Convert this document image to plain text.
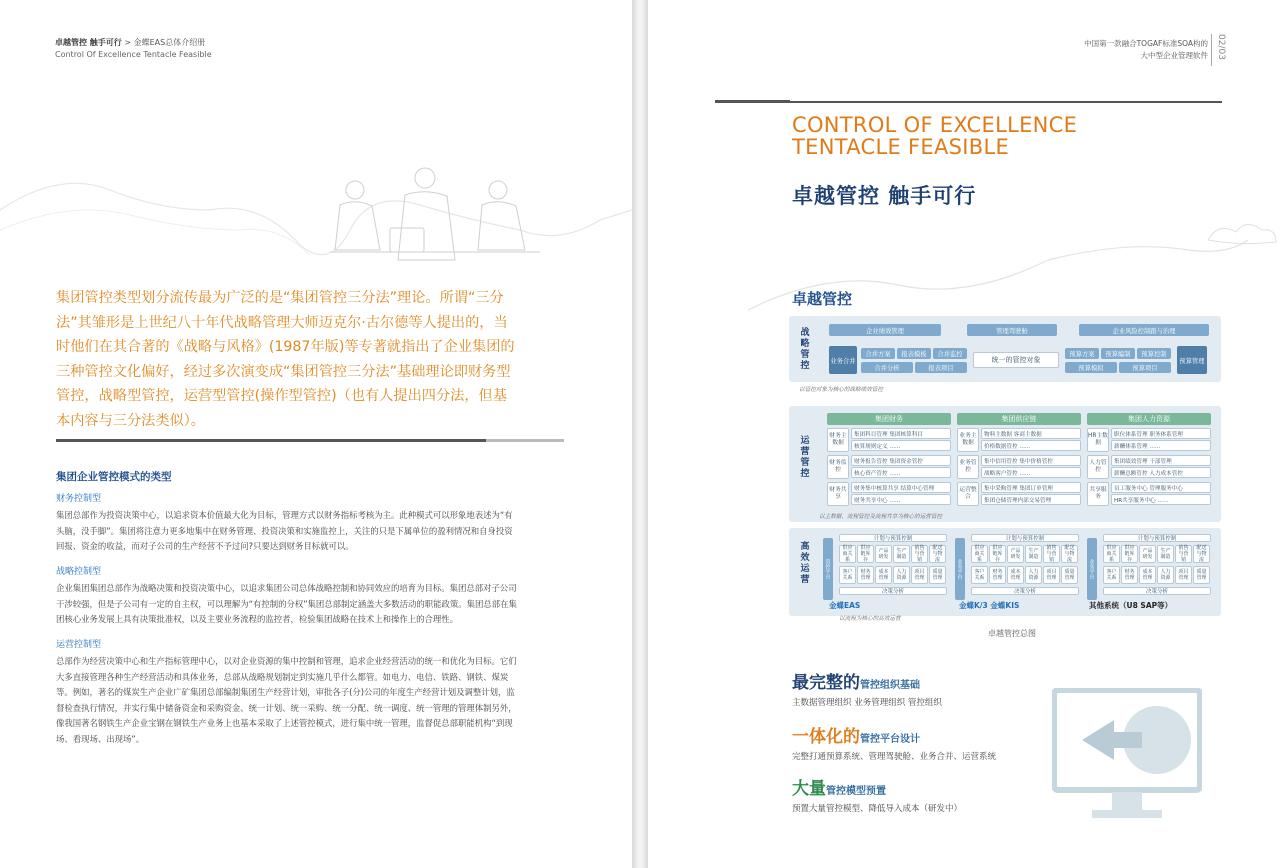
卓越管控 触手可行 > 金蝶EAS总体介绍册
Control Of Excellence Tentacle Feasible
集团管控类型划分流传最为广泛的是“集团管控三分法”理论。所谓“三分法”其雏形是上世纪八十年代战略管理大师迈克尔·古尔德等人提出的，当时他们在其合著的《战略与风格》(1987年版)等专著就指出了企业集团的三种管控文化偏好，经过多次演变成“集团管控三分法”基础理论即财务型管控，战略型管控，运营型管控(操作型管控)（也有人提出四分法，但基本内容与三分法类似）。
集团企业管控模式的类型
财务控制型

集团总部作为投资决策中心，以追求资本价值最大化为目标，管理方式以财务指标考核为主。此种模式可以形象地表述为“有头脑，没手脚”。集团将注意力更多地集中在财务管理、投资决策和实施监控上，关注的只是下属单位的盈利情况和自身投资回报、资金的收益，而对子公司的生产经营不予过问?只要达到财务目标就可以。

战略控制型

企业集团集团总部作为战略决策和投资决策中心，以追求集团公司总体战略控制和协同效应的培育为目标。集团总部对子公司干涉较强，但是子公司有一定的自主权，可以理解为“有控制的分权”集团总部制定涵盖大多数活动的职能政策。集团总部在集团核心业务发展上具有决策批准权，以及主要业务流程的监控者，检验集团战略在技术上和操作上的合理性。

运营控制型

总部作为经营决策中心和生产指标管理中心，以对企业资源的集中控制和管理，追求企业经营活动的统一和优化为目标。它们大多直接管理各种生产经营活动和具体业务，总部从战略规划制定到实施几乎什么都管。如电力、电信、铁路、钢铁、煤炭等。例如，著名的煤炭生产企业广矿集团总部编制集团生产经营计划，审批各子(分)公司的年度生产经营计划及调整计划，监督检查执行情况，并实行集中储备资金和采购资金、统一计划、统一采购、统一分配、统一调度、统一管理的管理体制另外，像我国著名钢铁生产企业宝钢在钢铁生产业务上也基本采取了上述管控模式，进行集中统一管理，监督促总部职能机构“到现场、看现场、出现场”。

中国第一款融合TOGAF标准SOA构的
大中型企业管理软件 02/03
CONTROL OF EXCELLENCE
TENTACLE FEASIBLE
卓越管控 触手可行
卓越管控
战略管控
企业绩效管理	管理驾驶舱	企业风险控制跟与治理
业务合并
合并方案	报表模板	合并监控
合并分析	报表项目
统一的管控对象
预算方案	预算编制	预算控制
预算模拟	预算项目
预算管理
以管控对象为核心的战略绩效管控
运营管控
以主数据、流程管控及流程共享为核心的运营管控
高效运营
以流程为核心的高效运营
集团财务
财务主数据
集团科目管理 集团核算科目
核算规则定义 ……
财务监控
财务报告管控 集团资金管控
核心资产管控 ……
财务共享
财务集中核算共享 结算中心管理
财务共享中心 ……
集团供应链
业务主数据
物料主数据 客商主数据
价格数据管控 ……
业务管控
集中信用管控 集中价格管控
战略客户管控 ……
运营整合
集中采购管理 集团订单管理
集团仓储管理内部交易管理
集团人力资源
HR主数据
职位体系管理 职务体系管理
薪酬体系管理 ……
人力管控
集团绩效管理 干部管理
薪酬总额管控 人力成本管控
共享服务
员工服务中心 管理服务中心
HR共享服务中心 ……
管控平台
计划与预算控制
供应商关系
供应链库存
产品研发
生产制造
销售与营销
配送与物流
客户关系
财务管理
成本管理
人力资源
项目管理
质量管理
决策分析
业务平台
计划与预算控制
供应商关系
供应链库存
产品研发
生产制造
销售与营销
配送与物流
客户关系
财务管理
成本管理
人力资源
项目管理
质量管理
决策分析
业务平台
计划与预算控制
供应商关系
供应链库存
产品研发
生产制造
销售与营销
配送与物流
客户关系
财务管理
成本管理
人力资源
项目管理
质量管理
决策分析
金蝶EAS	金蝶K/3 金蝶KIS	其他系统（U8 SAP等）
卓越管控总图
最完整的管控组织基础
主数据管理组织 业务管理组织 管控组织
一体化的管控平台设计
完整打通预算系统、管理驾驶舱、业务合并、运营系统
大量管控模型预置
预置大量管控模型、降低导入成本（研发中）
